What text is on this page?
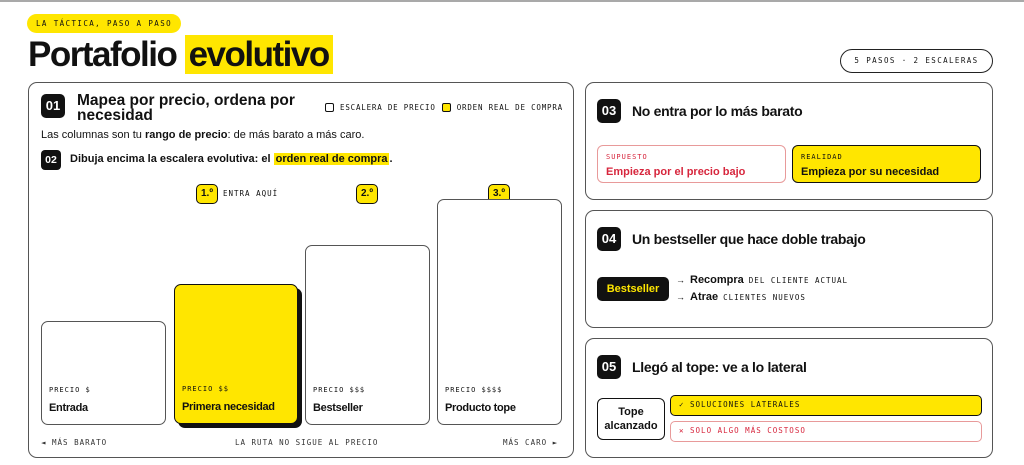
LA TÁCTICA, PASO A PASO
Portafolio evolutivo	5 PASOS · 2 ESCALERAS
01	Mapea por precio, ordena por necesidad	ESCALERA DE PRECIO	ORDEN REAL DE COMPRA
Las columnas son tu rango de precio: de más barato a más caro.
02	Dibuja encima la escalera evolutiva: el orden real de compra .
1.º	ENTRA AQUÍ	2.º	3.º
PRECIO $
Entrada
PRECIO $$
Primera necesidad
PRECIO $$$
Bestseller
PRECIO $$$$
Producto tope
◄ MÁS BARATO	LA RUTA NO SIGUE AL PRECIO	MÁS CARO ►
03	No entra por lo más barato
SUPUESTO
Empieza por el precio bajo
REALIDAD
Empieza por su necesidad
04	Un bestseller que hace doble trabajo
Bestseller
→ Recompra DEL CLIENTE ACTUAL
→ Atrae CLIENTES NUEVOS
05	Llegó al tope: ve a lo lateral
Tope alcanzado
✓ SOLUCIONES LATERALES
✕ SOLO ALGO MÁS COSTOSO
